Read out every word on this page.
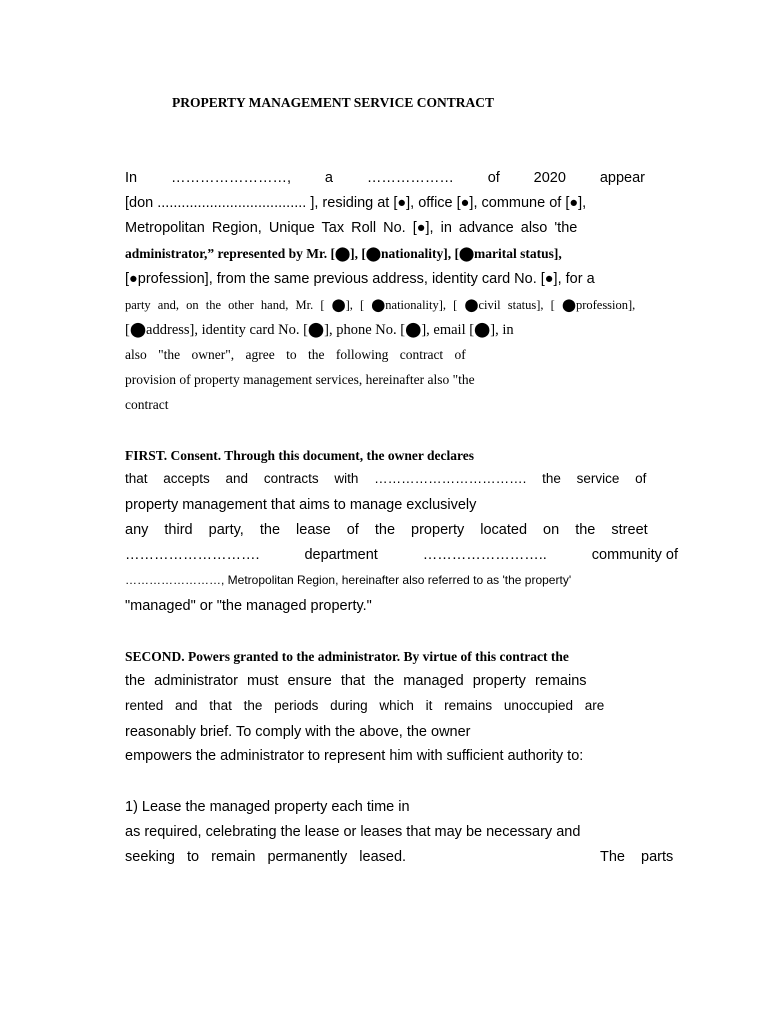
PROPERTY MANAGEMENT SERVICE CONTRACT
In ……………………, a ……………… of 2020 appear
[don ..................................... ], residing at [●], office [●], commune of [●],
Metropolitan Region, Unique Tax Roll No. [●], in advance also 'the
administrator,” represented by Mr. [⬤], [⬤nationality], [⬤marital status],
[●profession], from the same previous address, identity card No. [●], for a
party and, on the other hand, Mr. [ ⬤], [ ⬤nationality], [ ⬤civil status], [ ⬤profession],
[⬤address], identity card No. [⬤], phone No. [⬤], email [⬤], in
also "the owner", agree to the following contract of
provision of property management services, hereinafter also "the
contract
FIRST. Consent. Through this document, the owner declares
that accepts and contracts with ……………………………. the service of
property management that aims to manage exclusively
any third party, the lease of the property located on the street
……………………….	department	……………………..	community of
……………………, Metropolitan Region, hereinafter also referred to as 'the property'
"managed" or "the managed property."
SECOND. Powers granted to the administrator. By virtue of this contract the
the administrator must ensure that the managed property remains
rented and that the periods during which it remains unoccupied are
reasonably brief. To comply with the above, the owner
empowers the administrator to represent him with sufficient authority to:
1) Lease the managed property each time in
as required, celebrating the lease or leases that may be necessary and
seeking to remain permanently leased.	The parts
